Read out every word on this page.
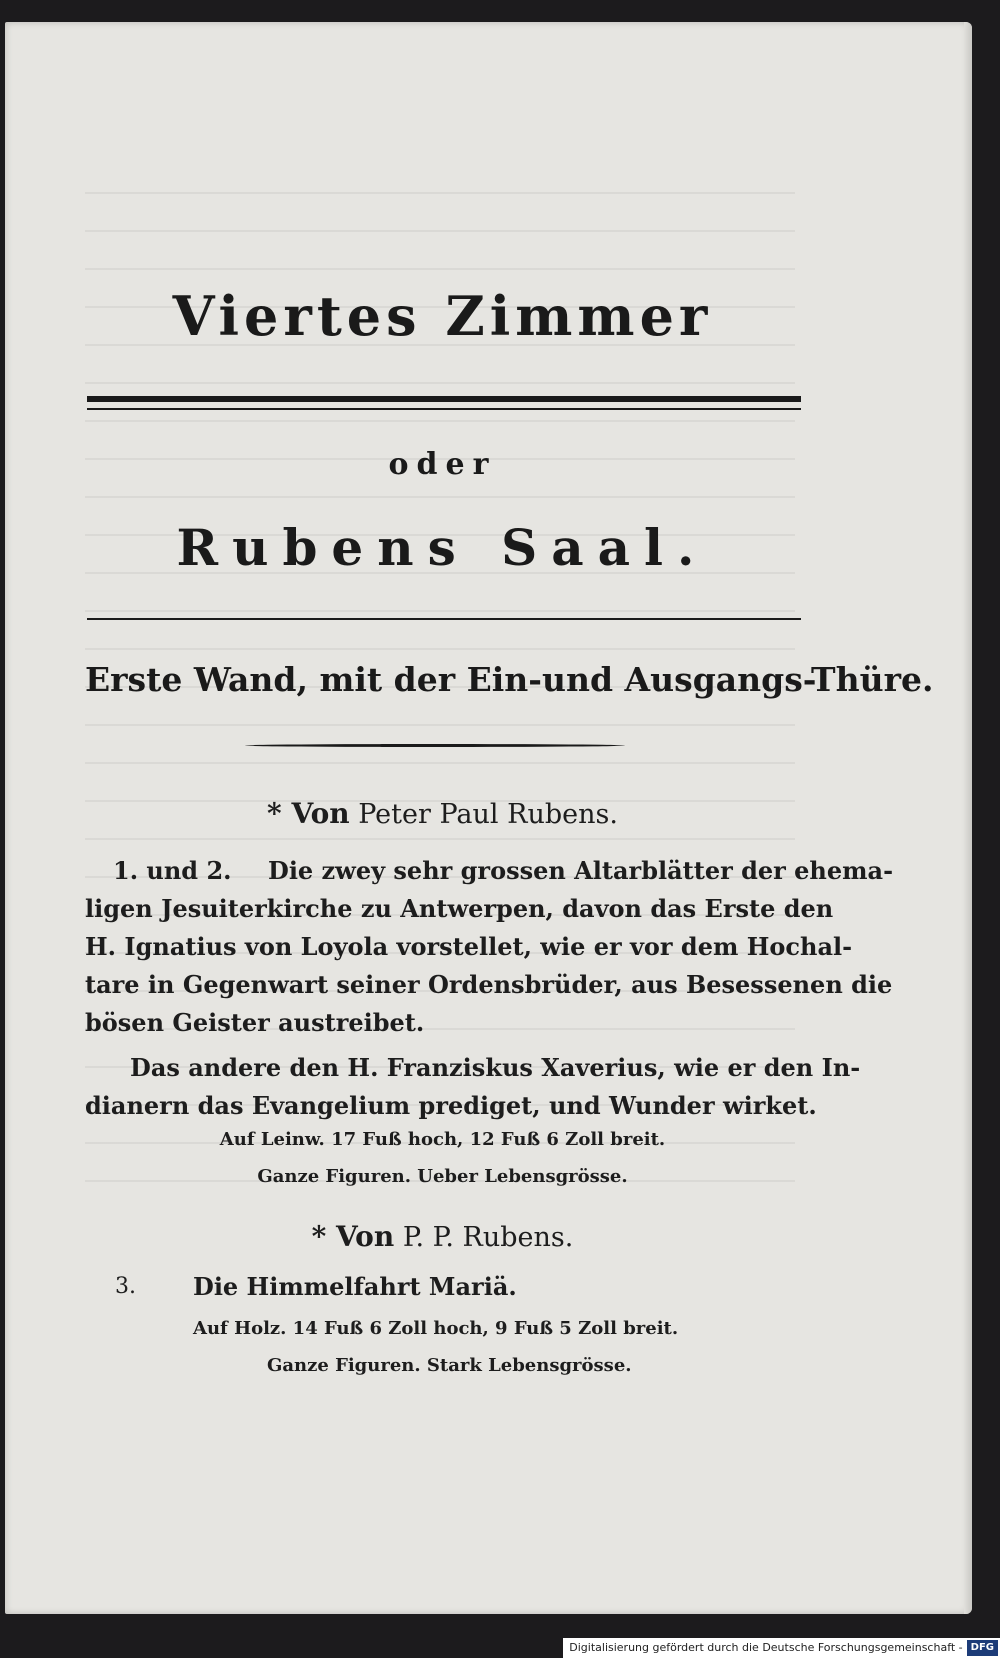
Viertes Zimmer
oder
Rubens Saal.
Erste Wand, mit der Ein-und Ausgangs-Thüre.
* Von Peter Paul Rubens.
1. und 2. Die zwey sehr grossen Altarblätter der ehema-
ligen Jesuiterkirche zu Antwerpen, davon das Erste den
H. Ignatius von Loyola vorstellet, wie er vor dem Hochal-
tare in Gegenwart seiner Ordensbrüder, aus Besessenen die
bösen Geister austreibet.
Das andere den H. Franziskus Xaverius, wie er den In-
dianern das Evangelium prediget, und Wunder wirket.
Auf Leinw. 17 Fuß hoch, 12 Fuß 6 Zoll breit.
Ganze Figuren. Ueber Lebensgrösse.
* Von P. P. Rubens.
3. Die Himmelfahrt Mariä.
Auf Holz. 14 Fuß 6 Zoll hoch, 9 Fuß 5 Zoll breit.
Ganze Figuren. Stark Lebensgrösse.
Digitalisierung gefördert durch die Deutsche Forschungsgemeinschaft - DFG
